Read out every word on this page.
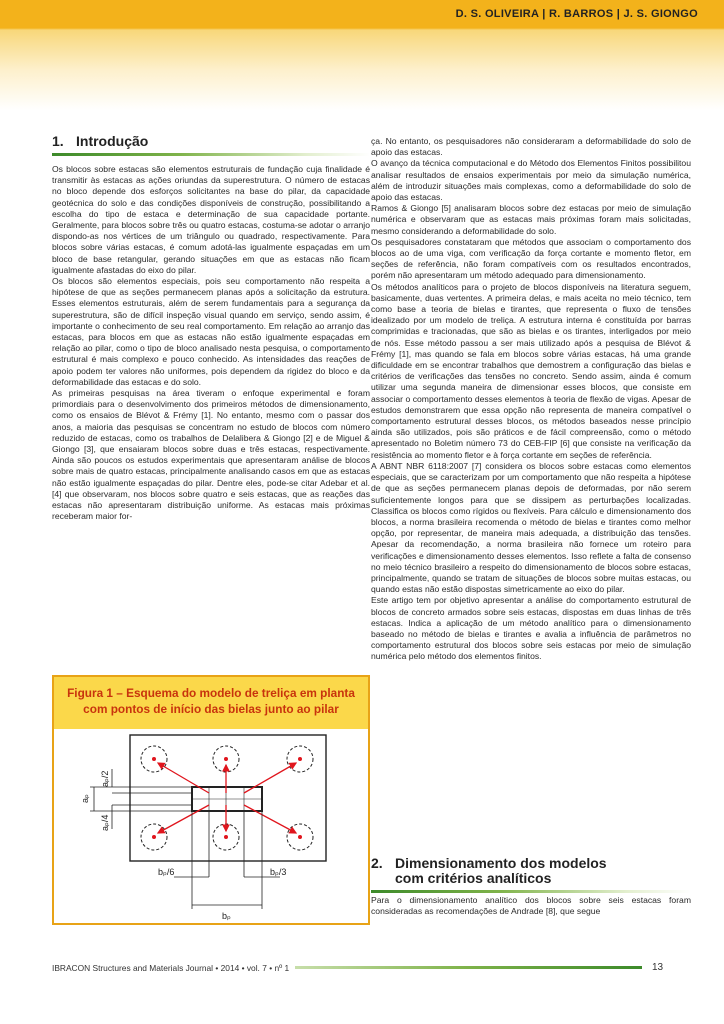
D. S. OLIVEIRA | R. BARROS | J. S. GIONGO
1. Introdução

Os blocos sobre estacas são elementos estruturais de fundação cuja finalidade é transmitir às estacas as ações oriundas da superestrutura. O número de estacas no bloco depende dos esforços solicitantes na base do pilar, da capacidade geotécnica do solo e das condições disponíveis de construção, possibilitando a escolha do tipo de estaca e determinação de sua capacidade portante. Geralmente, para blocos sobre três ou quatro estacas, costuma-se adotar o arranjo dispondo-as nos vértices de um triângulo ou quadrado, respectivamente. Para blocos sobre várias estacas, é comum adotá-las igualmente espaçadas em um bloco de base retangular, gerando situações em que as estacas não ficam igualmente afastadas do eixo do pilar.

Os blocos são elementos especiais, pois seu comportamento não respeita a hipótese de que as seções permanecem planas após a solicitação da estrutura. Esses elementos estruturais, além de serem fundamentais para a segurança da superestrutura, são de difícil inspeção visual quando em serviço, sendo assim, é importante o conhecimento de seu real comportamento. Em relação ao arranjo das estacas, para blocos em que as estacas não estão igualmente espaçadas em relação ao pilar, como o tipo de bloco analisado nesta pesquisa, o comportamento estrutural é mais complexo e pouco conhecido. As intensidades das reações de apoio podem ter valores não uniformes, pois dependem da rigidez do bloco e da deformabilidade das estacas e do solo.

As primeiras pesquisas na área tiveram o enfoque experimental e foram primordiais para o desenvolvimento dos primeiros métodos de dimensionamento, como os ensaios de Blévot & Frémy [1]. No entanto, mesmo com o passar dos anos, a maioria das pesquisas se concentram no estudo de blocos com número reduzido de estacas, como os trabalhos de Delalibera & Giongo [2] e de Miguel & Giongo [3], que ensaiaram blocos sobre duas e três estacas, respectivamente. Ainda são poucos os estudos experimentais que apresentaram análise de blocos sobre mais de quatro estacas, principalmente analisando casos em que as estacas não estão igualmente espaçadas do pilar. Dentre eles, pode-se citar Adebar et al. [4] que observaram, nos blocos sobre quatro e seis estacas, que as reações das estacas não apresentaram distribuição uniforme. As estacas mais próximas receberam maior for-

Figura 1 – Esquema do modelo de treliça em planta
com pontos de início das bielas junto ao pilar
aₚ
aₚ/2
aₚ/4
bₚ/6	bₚ/3
bₚ

ça. No entanto, os pesquisadores não consideraram a deformabilidade do solo de apoio das estacas.

O avanço da técnica computacional e do Método dos Elementos Finitos possibilitou analisar resultados de ensaios experimentais por meio da simulação numérica, além de introduzir situações mais complexas, como a deformabilidade do solo de apoio das estacas.

Ramos & Giongo [5] analisaram blocos sobre dez estacas por meio de simulação numérica e observaram que as estacas mais próximas foram mais solicitadas, mesmo considerando a deformabilidade do solo.

Os pesquisadores constataram que métodos que associam o comportamento dos blocos ao de uma viga, com verificação da força cortante e momento fletor, em seções de referência, não foram compatíveis com os resultados encontrados, porém não apresentaram um método adequado para dimensionamento.

Os métodos analíticos para o projeto de blocos disponíveis na literatura seguem, basicamente, duas vertentes. A primeira delas, e mais aceita no meio técnico, tem como base a teoria de bielas e tirantes, que representa o fluxo de tensões idealizado por um modelo de treliça. A estrutura interna é constituída por barras comprimidas e tracionadas, que são as bielas e os tirantes, interligados por meio de nós. Esse método passou a ser mais utilizado após a pesquisa de Blévot & Frémy [1], mas quando se fala em blocos sobre várias estacas, há uma grande dificuldade em se encontrar trabalhos que demostrem a configuração das bielas e critérios de verificações das tensões no concreto. Sendo assim, ainda é comum utilizar uma segunda maneira de dimensionar esses blocos, que consiste em associar o comportamento desses elementos à teoria de flexão de vigas. Apesar de estudos demonstrarem que essa opção não representa de maneira compatível o comportamento estrutural desses blocos, os métodos baseados nesse princípio ainda são utilizados, pois são práticos e de fácil compreensão, como o método apresentado no Boletim número 73 do CEB-FIP [6] que consiste na verificação da resistência ao momento fletor e à força cortante em seções de referência.

A ABNT NBR 6118:2007 [7] considera os blocos sobre estacas como elementos especiais, que se caracterizam por um comportamento que não respeita a hipótese de que as seções permanecem planas depois de deformadas, por não serem suficientemente longos para que se dissipem as perturbações localizadas. Classifica os blocos como rígidos ou flexíveis. Para cálculo e dimensionamento dos blocos, a norma brasileira recomenda o método de bielas e tirantes como melhor opção, por representar, de maneira mais adequada, a distribuição das tensões. Apesar da recomendação, a norma brasileira não fornece um roteiro para verificações e dimensionamento desses elementos. Isso reflete a falta de consenso no meio técnico brasileiro a respeito do dimensionamento de blocos sobre estacas, principalmente, quando se tratam de situações de blocos sobre muitas estacas, ou quando estas não estão dispostas simetricamente ao eixo do pilar.

Este artigo tem por objetivo apresentar a análise do comportamento estrutural de blocos de concreto armados sobre seis estacas, dispostas em duas linhas de três estacas. Indica a aplicação de um método analítico para o dimensionamento baseado no método de bielas e tirantes e avalia a influência de parâmetros no comportamento estrutural dos blocos sobre seis estacas por meio de simulação numérica pelo método dos elementos finitos.

2. Dimensionamento dos modelos
com critérios analíticos
Para o dimensionamento analítico dos blocos sobre seis estacas foram consideradas as recomendações de Andrade [8], que segue
IBRACON Structures and Materials Journal • 2014 • vol. 7 • nº 1	13
